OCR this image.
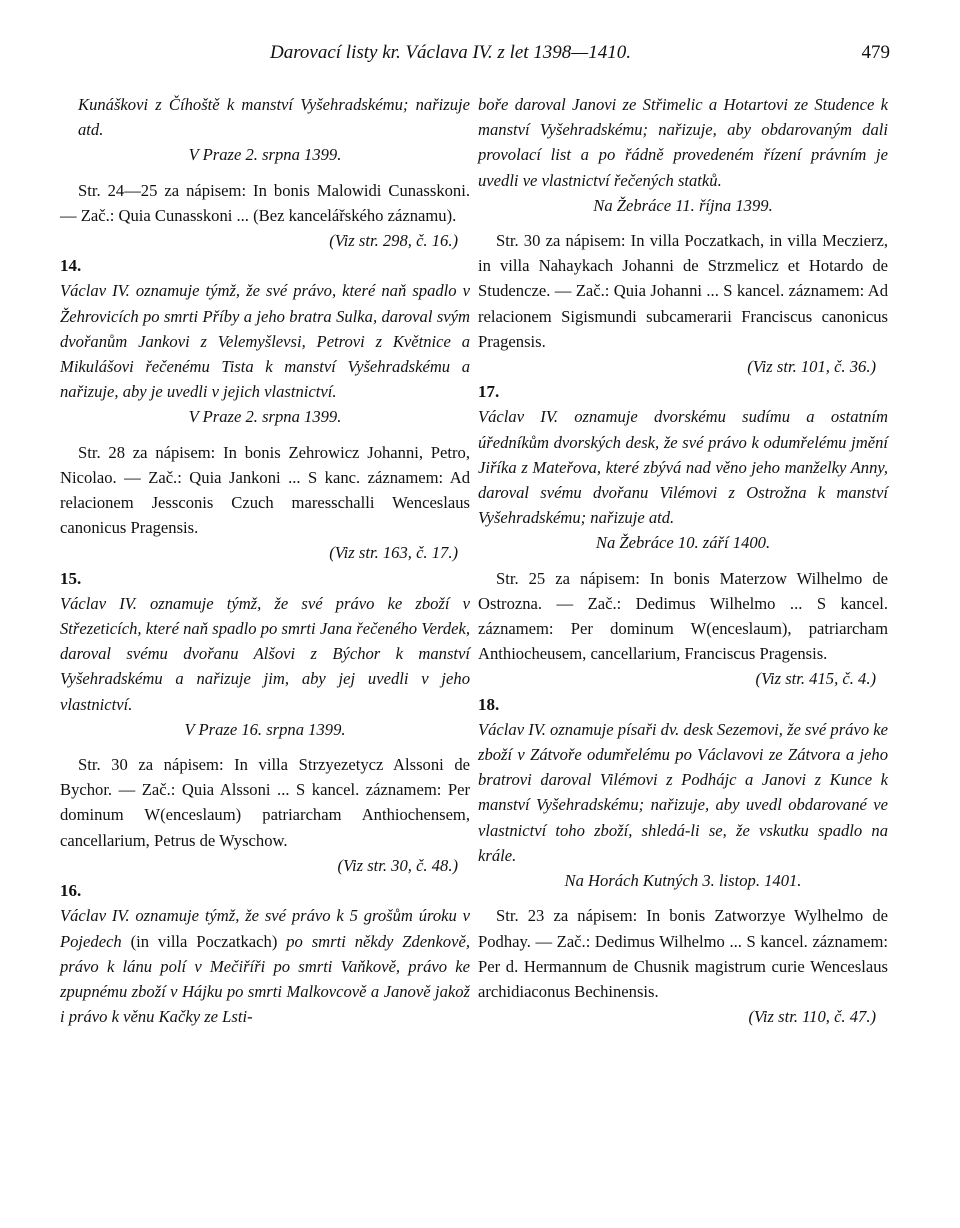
Darovací listy kr. Václava IV. z let 1398—1410.	479

Kunáškovi z Číhoště k manství Vyšehradskému; nařizuje atd.

V Praze 2. srpna 1399.

Str. 24—25 za nápisem: In bonis Malowidi Cunasskoni. — Zač.: Quia Cunasskoni ... (Bez kancelářského záznamu).

(Viz str. 298, č. 16.)
14.

Václav IV. oznamuje týmž, že své právo, které naň spadlo v Žehrovicích po smrti Příby a jeho bratra Sulka, daroval svým dvořanům Jankovi z Velemyšlevsi, Petrovi z Květnice a Mikulášovi řečenému Tista k manství Vyšehradskému a nařizuje, aby je uvedli v jejich vlastnictví.

V Praze 2. srpna 1399.

Str. 28 za nápisem: In bonis Zehrowicz Johanni, Petro, Nicolao. — Zač.: Quia Jankoni ... S kanc. záznamem: Ad relacionem Jessconis Czuch maresschalli Wenceslaus canonicus Pragensis.

(Viz str. 163, č. 17.)
15.

Václav IV. oznamuje týmž, že své právo ke zboží v Střezeticích, které naň spadlo po smrti Jana řečeného Verdek, daroval svému dvořanu Alšovi z Býchor k manství Vyšehradskému a nařizuje jim, aby jej uvedli v jeho vlastnictví.

V Praze 16. srpna 1399.

Str. 30 za nápisem: In villa Strzyezetycz Alssoni de Bychor. — Zač.: Quia Alssoni ... S kancel. záznamem: Per dominum W(enceslaum) patriarcham Anthiochensem, cancellarium, Petrus de Wyschow.

(Viz str. 30, č. 48.)
16.

Václav IV. oznamuje týmž, že své právo k 5 grošům úroku v Pojedech (in villa Poczatkach) po smrti někdy Zdenkově, právo k lánu polí v Mečiříři po smrti Vaňkově, právo ke zpupnému zboží v Hájku po smrti Malkovcově a Janově jakož i právo k věnu Kačky ze Lsti-

boře daroval Janovi ze Střimelic a Hotartovi ze Studence k manství Vyšehradskému; nařizuje, aby obdarovaným dali provolací list a po řádně provedeném řízení právním je uvedli ve vlastnictví řečených statků.

Na Žebráce 11. října 1399.

Str. 30 za nápisem: In villa Poczatkach, in villa Meczierz, in villa Nahaykach Johanni de Strzmelicz et Hotardo de Studencze. — Zač.: Quia Johanni ... S kancel. záznamem: Ad relacionem Sigismundi subcamerarii Franciscus canonicus Pragensis.

(Viz str. 101, č. 36.)
17.

Václav IV. oznamuje dvorskému sudímu a ostatním úředníkům dvorských desk, že své právo k odumřelému jmění Jiříka z Mateřova, které zbývá nad věno jeho manželky Anny, daroval svému dvořanu Vilémovi z Ostrožna k manství Vyšehradskému; nařizuje atd.

Na Žebráce 10. září 1400.

Str. 25 za nápisem: In bonis Materzow Wilhelmo de Ostrozna. — Zač.: Dedimus Wilhelmo ... S kancel. záznamem: Per dominum W(enceslaum), patriarcham Anthiocheusem, cancellarium, Franciscus Pragensis.

(Viz str. 415, č. 4.)
18.

Václav IV. oznamuje písaři dv. desk Sezemovi, že své právo ke zboží v Zátvoře odumřelému po Václavovi ze Zátvora a jeho bratrovi daroval Vilémovi z Podhájc a Janovi z Kunce k manství Vyšehradskému; nařizuje, aby uvedl obdarované ve vlastnictví toho zboží, shledá-li se, že vskutku spadlo na krále.

Na Horách Kutných 3. listop. 1401.

Str. 23 za nápisem: In bonis Zatworzye Wylhelmo de Podhay. — Zač.: Dedimus Wilhelmo ... S kancel. záznamem: Per d. Hermannum de Chusnik magistrum curie Wenceslaus archidiaconus Bechinensis.

(Viz str. 110, č. 47.)
